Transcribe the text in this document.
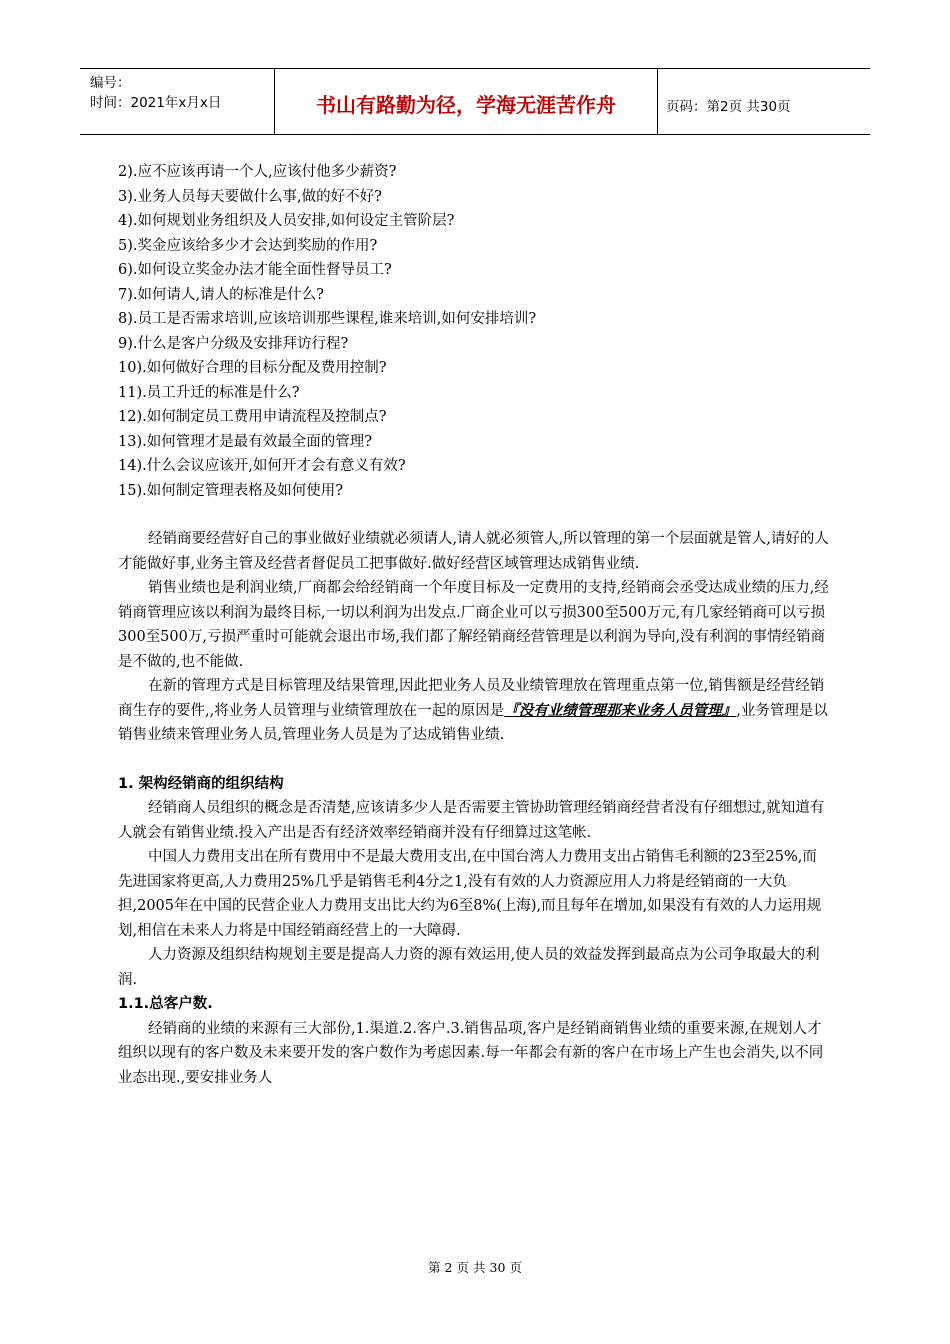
编号：
时间：2021年x月x日	书山有路勤为径，学海无涯苦作舟	页码：第2页 共30页
2).应不应该再请一个人,应该付他多少薪资?
3).业务人员每天要做什么事,做的好不好?
4).如何规划业务组织及人员安排,如何设定主管阶层?
5).奖金应该给多少才会达到奖励的作用?
6).如何设立奖金办法才能全面性督导员工?
7).如何请人,请人的标准是什么?
8).员工是否需求培训,应该培训那些课程,谁来培训,如何安排培训?
9).什么是客户分级及安排拜访行程?
10).如何做好合理的目标分配及费用控制?
11).员工升迁的标准是什么?
12).如何制定员工费用申请流程及控制点?
13).如何管理才是最有效最全面的管理?
14).什么会议应该开,如何开才会有意义有效?
15).如何制定管理表格及如何使用?

经销商要经营好自己的事业做好业绩就必须请人,请人就必须管人,所以管理的第一个层面就是管人,请好的人才能做好事,业务主管及经营者督促员工把事做好.做好经营区域管理达成销售业绩.

销售业绩也是利润业绩,厂商都会给经销商一个年度目标及一定费用的支持,经销商会丞受达成业绩的压力,经销商管理应该以利润为最终目标,一切以利润为出发点.厂商企业可以亏损300至500万元,有几家经销商可以亏损300至500万,亏损严重时可能就会退出市场,我们都了解经销商经营管理是以利润为导向,没有利润的事情经销商是不做的,也不能做.

在新的管理方式是目标管理及结果管理,因此把业务人员及业绩管理放在管理重点第一位,销售额是经营经销商生存的要件,,将业务人员管理与业绩管理放在一起的原因是『没有业绩管理那来业务人员管理』,业务管理是以销售业绩来管理业务人员,管理业务人员是为了达成销售业绩.

1. 架构经销商的组织结构

经销商人员组织的概念是否清楚,应该请多少人是否需要主管协助管理经销商经营者没有仔细想过,就知道有人就会有销售业绩.投入产出是否有经济效率经销商并没有仔细算过这笔帐.

中国人力费用支出在所有费用中不是最大费用支出,在中国台湾人力费用支出占销售毛利额的23至25%,而先进国家将更高,人力费用25%几乎是销售毛利4分之1,没有有效的人力资源应用人力将是经销商的一大负担,2005年在中国的民营企业人力费用支出比大约为6至8%(上海),而且每年在增加,如果没有有效的人力运用规划,相信在未来人力将是中国经销商经营上的一大障碍.

人力资源及组织结构规划主要是提高人力资的源有效运用,使人员的效益发挥到最高点为公司争取最大的利润.

1.1.总客户数.

经销商的业绩的来源有三大部份,1.渠道.2.客户.3.销售品项,客户是经销商销售业绩的重要来源,在规划人才组织以现有的客户数及未来要开发的客户数作为考虑因素.每一年都会有新的客户在市场上产生也会消失,以不同业态出现.,要安排业务人

第 2 页 共 30 页
